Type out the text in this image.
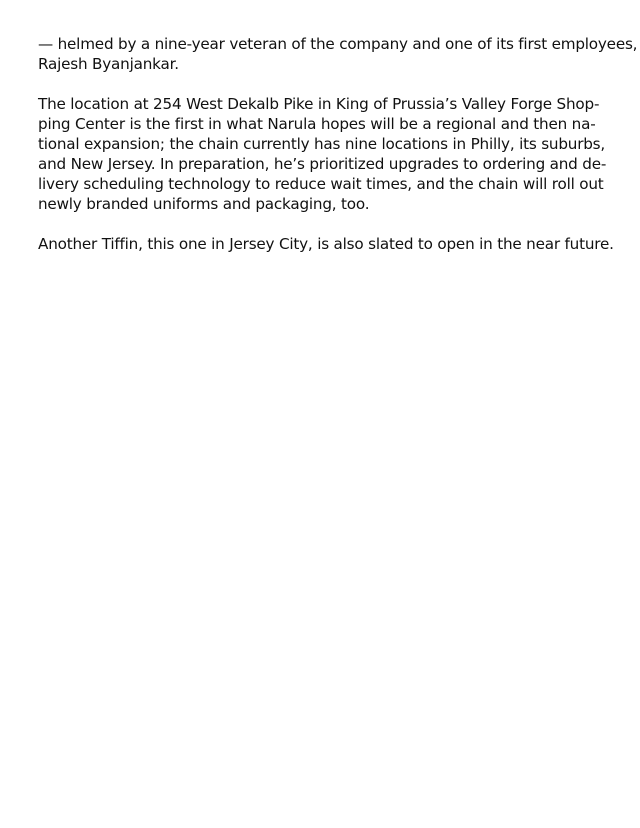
— helmed by a nine-year veteran of the company and one of its first employees,
Rajesh Byanjankar.

The location at 254 West Dekalb Pike in King of Prussia’s Valley Forge Shop-
ping Center is the first in what Narula hopes will be a regional and then na-
tional expansion; the chain currently has nine locations in Philly, its suburbs,
and New Jersey. In preparation, he’s prioritized upgrades to ordering and de-
livery scheduling technology to reduce wait times, and the chain will roll out
newly branded uniforms and packaging, too.

Another Tiffin, this one in Jersey City, is also slated to open in the near future.
